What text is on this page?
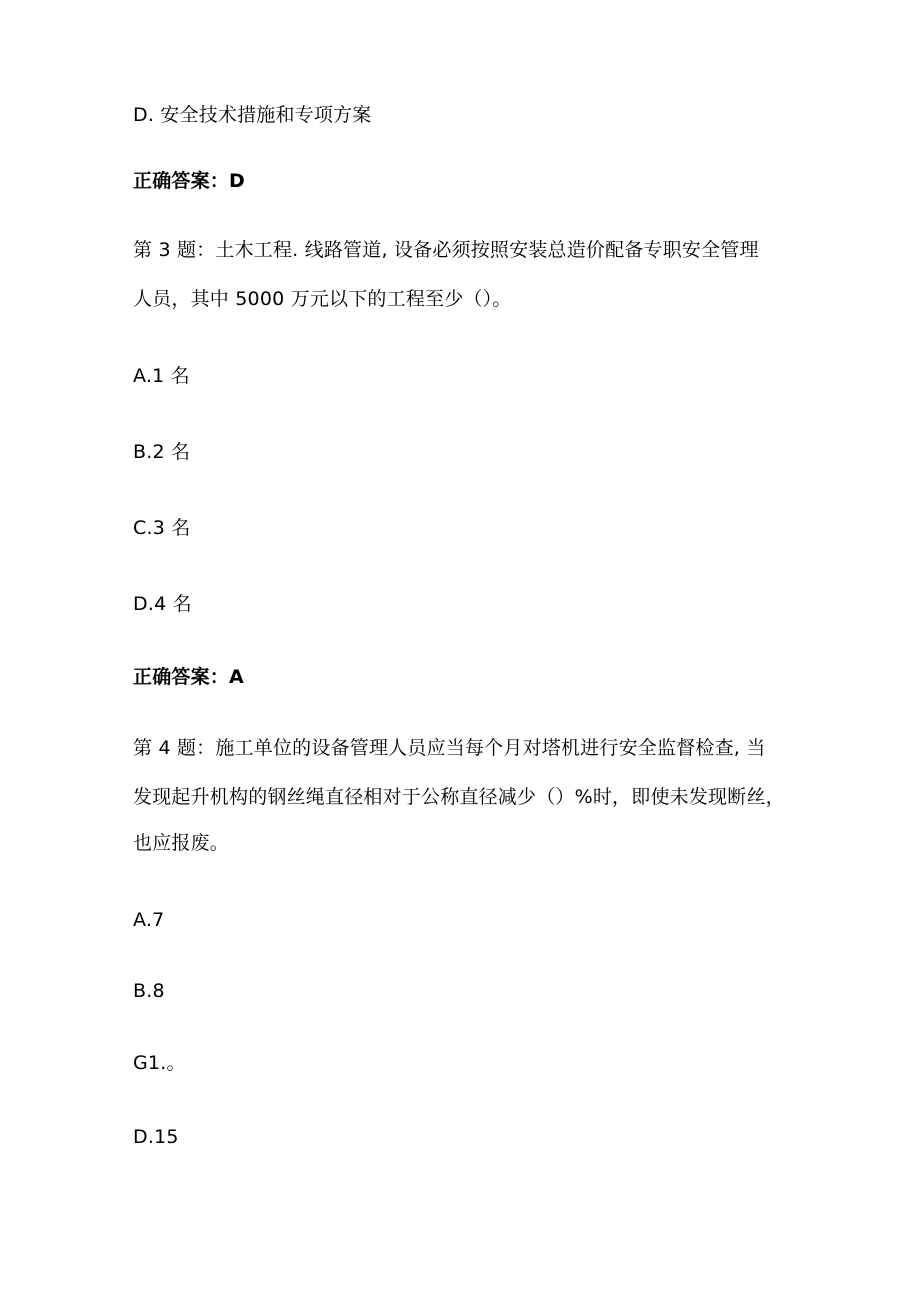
D. 安全技术措施和专项方案
正确答案：D
第 3 题：土木工程. 线路管道, 设备必须按照安装总造价配备专职安全管理
人员，其中 5000 万元以下的工程至少（）。
A.1 名
B.2 名
C.3 名
D.4 名
正确答案：A
第 4 题：施工单位的设备管理人员应当每个月对塔机进行安全监督检查, 当
发现起升机构的钢丝绳直径相对于公称直径减少（）%时，即使未发现断丝，
也应报废。
A.7
B.8
G1.。
D.15
